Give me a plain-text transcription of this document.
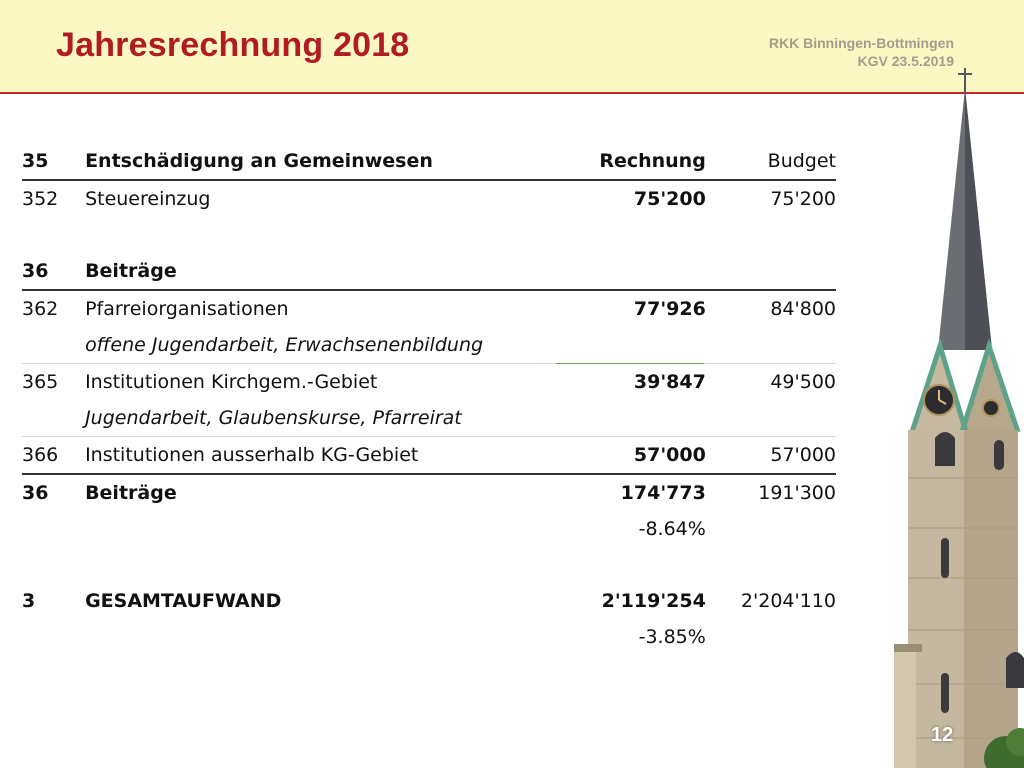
Jahresrechnung 2018	RKK Binningen-Bottmingen
KGV 23.5.2019
35	Entschädigung an Gemeinwesen	Rechnung	Budget
352	Steuereinzug	75'200	75'200

36	Beiträge		
362	Pfarreiorganisationen	77'926	84'800
	offene Jugendarbeit, Erwachsenenbildung		
365	Institutionen Kirchgem.-Gebiet	39'847	49'500
	Jugendarbeit, Glaubenskurse, Pfarreirat		
366	Institutionen ausserhalb KG-Gebiet	57'000	57'000
36	Beiträge	174'773	191'300
		-8.64%	

3	GESAMTAUFWAND	2'119'254	2'204'110
		-3.85%	
12
